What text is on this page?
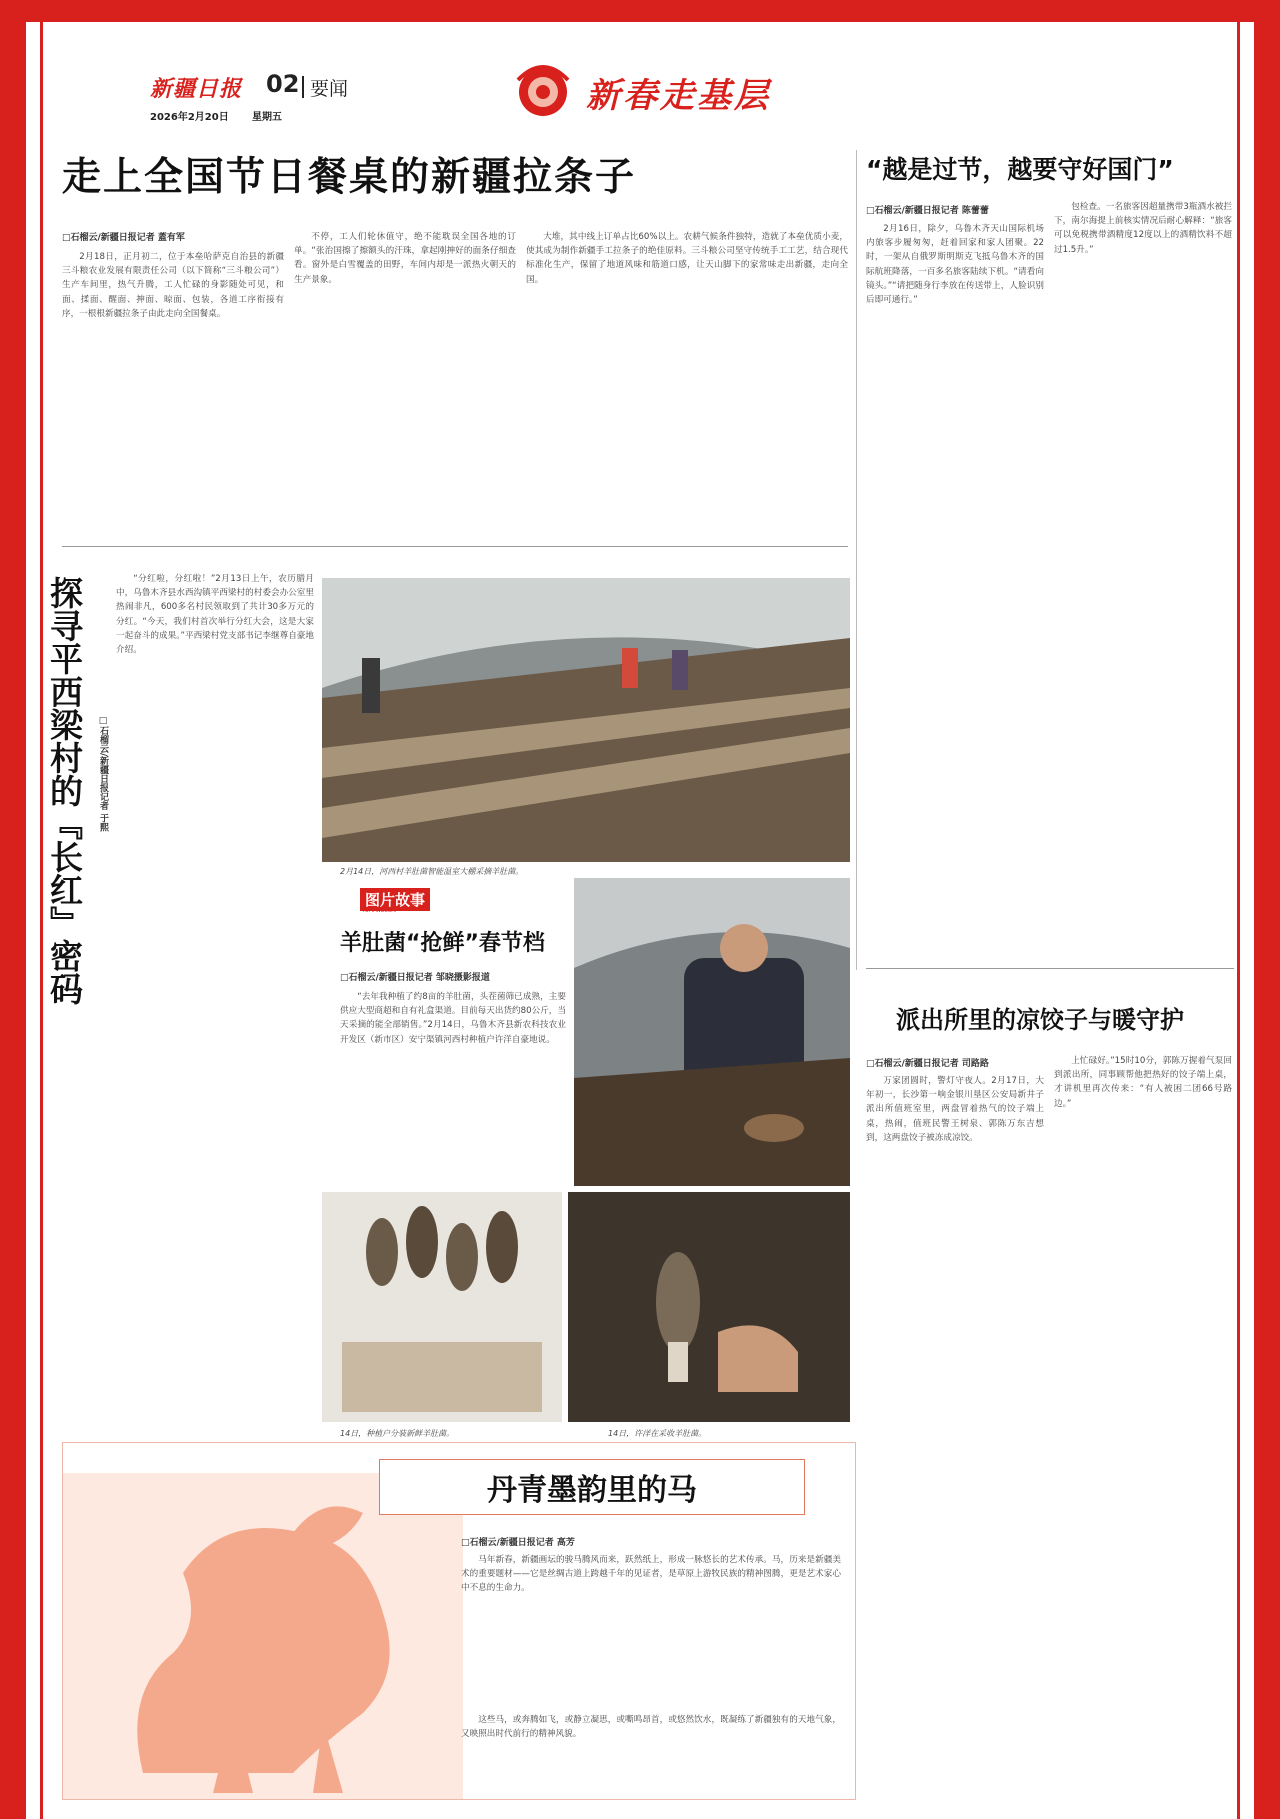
新疆日报 02 要闻
2026年2月20日 星期五
新春走基层
走上全国节日餐桌的新疆拉条子
□石榴云/新疆日报记者 蓋有军

2月18日，正月初二，位于本垒哈萨克自治县的新疆三斗粮农业发展有限责任公司（以下简称“三斗粮公司”）生产车间里，热气升腾，工人忙碌的身影随处可见，和面、揉面、醒面、抻面、晾面、包装，各道工序衔接有序，一根根新疆拉条子由此走向全国餐桌。

不停，工人们轮休值守，绝不能耽误全国各地的订单。“张治国擦了擦额头的汗珠，拿起刚抻好的面条仔细查看。窗外是白雪覆盖的田野，车间内却是一派热火朝天的生产景象。

大堆，其中线上订单占比60%以上。农耕气候条件独特，造就了本垒优质小麦，使其成为制作新疆手工拉条子的绝佳原料。三斗粮公司坚守传统手工工艺，结合现代标准化生产，保留了地道风味和筋道口感，让天山脚下的家常味走出新疆，走向全国。

“越是过节，越要守好国门”
□石榴云/新疆日报记者 陈蕾蕾

2月16日，除夕，乌鲁木齐天山国际机场内旅客步履匆匆，赶着回家和家人团聚。22时，一架从自俄罗斯明斯克飞抵乌鲁木齐的国际航班降落，一百多名旅客陆续下机。“请看向镜头。”“请把随身行李放在传送带上，人脸识别后即可通行。”

包检查。一名旅客因超量携带3瓶酒水被拦下，南尔海提上前核实情况后耐心解释：“旅客可以免税携带酒精度12度以上的酒精饮料不超过1.5升。”

探寻平西梁村的『长红』密码 □石榴云/新疆日报记者 于熙

“分红啦，分红啦！”2月13日上午，农历腊月中，乌鲁木齐县水西沟镇平西梁村的村委会办公室里热闹非凡，600多名村民领取到了共计30多万元的分红。“今天，我们村首次举行分红大会，这是大家一起奋斗的成果。”平西梁村党支部书记李继尊自豪地介绍。

2月14日，河西村羊肚菌智能温室大棚采摘羊肚菌。
图片故事
TUPIANGUSHI
羊肚菌“抢鲜”春节档
□石榴云/新疆日报记者 邹晓摄影报道

“去年我种植了约8亩的羊肚菌，头茬菌筛已成熟，主要供应大型商超和自有礼盒渠道。目前每天出货约80公斤，当天采摘的能全部销售。”2月14日，乌鲁木齐县新农科技农业开发区（新市区）安宁渠镇河西村种植户许洋自豪地说。

14日，种植户分装新鲜羊肚菌。	14日，许洋在采收羊肚菌。
派出所里的凉饺子与暖守护
□石榴云/新疆日报记者 司路路

万家团圆时，警灯守夜人。2月17日，大年初一，长沙第一响金银川垦区公安局新井子派出所值班室里，两盘冒着热气的饺子端上桌，热闹，值班民警王树泉、郭陈万东吉想到，这两盘饺子被冻成凉饺。

上忙碌好。”15时10分，郭陈万握着气泵回到派出所，同事顾帮他把热好的饺子端上桌，才讲机里再次传来：“有人被困二团66号路边。”

丹青墨韵里的马
□石榴云/新疆日报记者 高芳

马年新春，新疆画坛的骏马腾风而来，跃然纸上，形成一脉悠长的艺术传承。马，历来是新疆美术的重要题材——它是丝绸古道上跨越千年的见证者，是草原上游牧民族的精神图腾，更是艺术家心中不息的生命力。

这些马，或奔腾如飞，或静立凝思，或嘶鸣昂首，或悠然饮水，既凝练了新疆独有的天地气象，又映照出时代前行的精神风貌。
